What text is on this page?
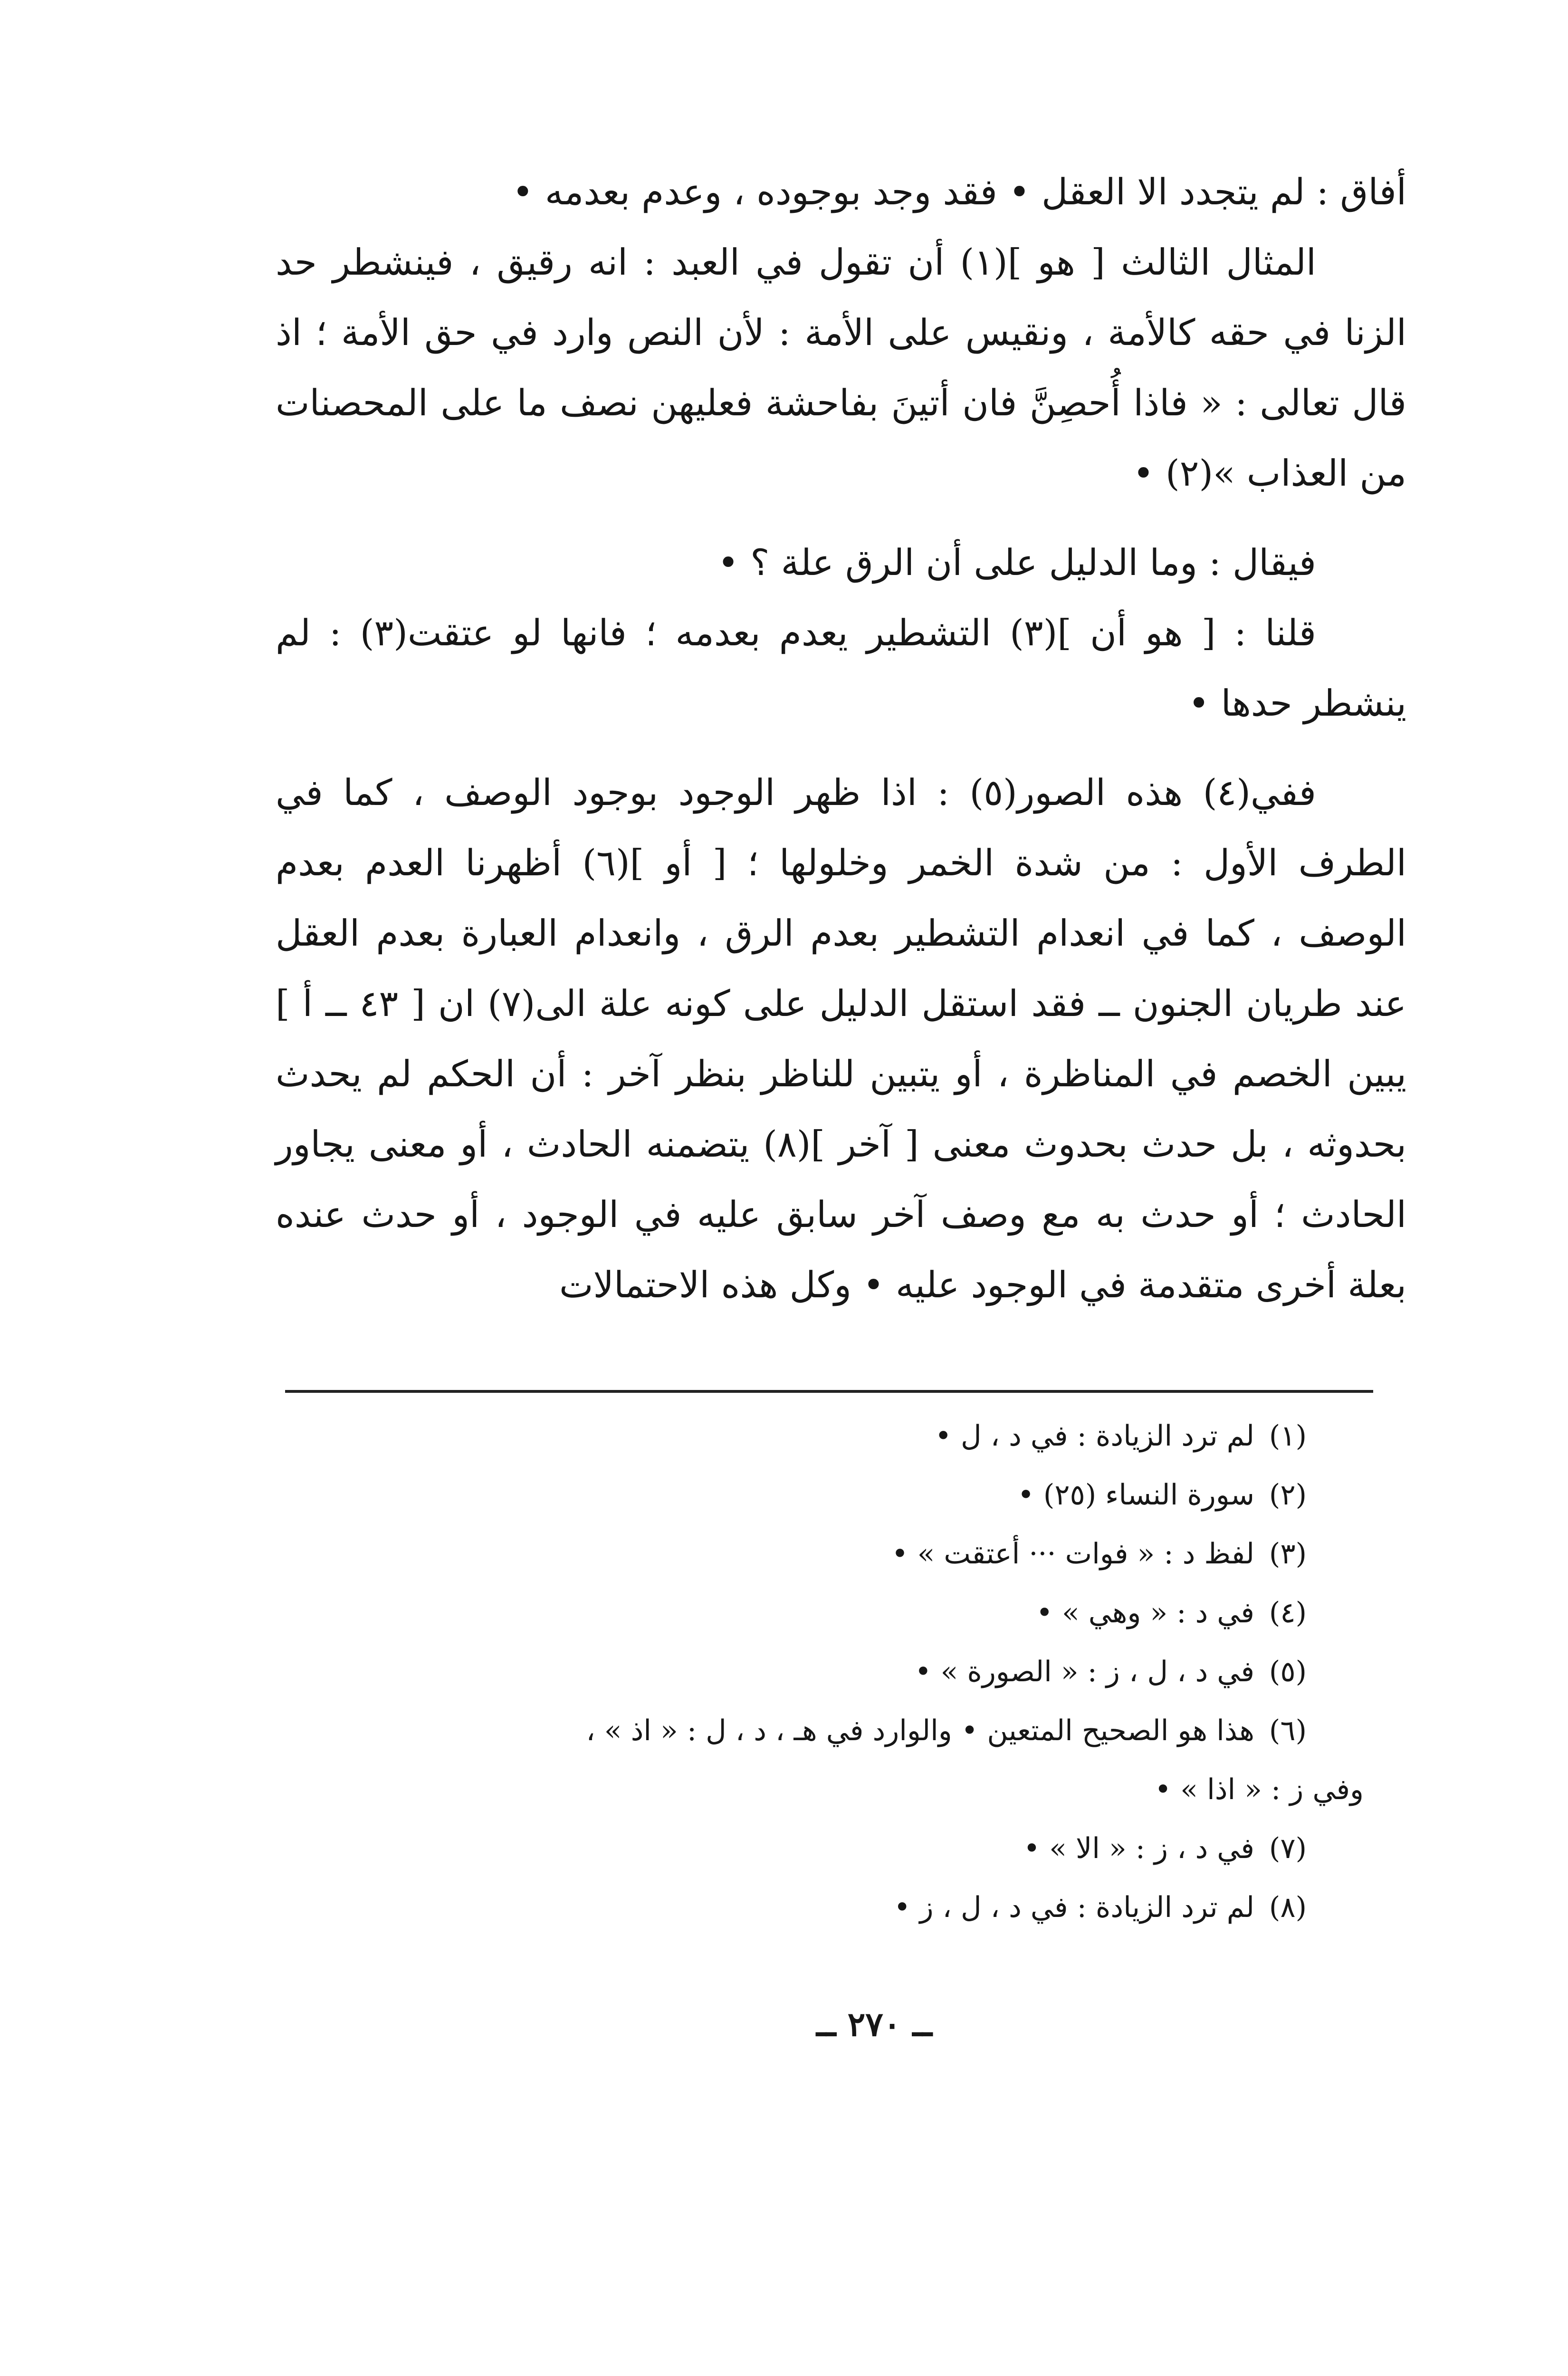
أفاق : لم يتجدد الا العقل • فقد وجد بوجوده ، وعدم بعدمه •

المثال الثالث [ هو ](١) أن تقول في العبد : انه رقيق ، فينشطر حد الزنا في حقه كالأمة ، ونقيس على الأمة : لأن النص وارد في حق الأمة ؛ اذ قال تعالى : « فاذا أُحصِنَّ فان أتينَ بفاحشة فعليهن نصف ما على المحصنات من العذاب »(٢) •

فيقال : وما الدليل على أن الرق علة ؟ •

قلنا : [ هو أن ](٣) التشطير يعدم بعدمه ؛ فانها لو عتقت(٣) : لم ينشطر حدها •

ففي(٤) هذه الصور(٥) : اذا ظهر الوجود بوجود الوصف ، كما في الطرف الأول : من شدة الخمر وخلولها ؛ [ أو ](٦) أظهرنا العدم بعدم الوصف ، كما في انعدام التشطير بعدم الرق ، وانعدام العبارة بعدم العقل عند طريان الجنون ــ فقد استقل الدليل على كونه علة الى(٧) ان [ ٤٣ ــ أ ] يبين الخصم في المناظرة ، أو يتبين للناظر بنظر آخر : أن الحكم لم يحدث بحدوثه ، بل حدث بحدوث معنى [ آخر ](٨) يتضمنه الحادث ، أو معنى يجاور الحادث ؛ أو حدث به مع وصف آخر سابق عليه في الوجود ، أو حدث عنده بعلة أخرى متقدمة في الوجود عليه • وكل هذه الاحتمالات

(١)لم ترد الزيادة : في د ، ل •

(٢)سورة النساء (٢٥) •

(٣)لفظ د : « فوات ··· أعتقت » •

(٤)في د : « وهي » •

(٥)في د ، ل ، ز : « الصورة » •

(٦)هذا هو الصحيح المتعين • والوارد في هـ ، د ، ل : « اذ » ،

وفي ز : « اذا » •

(٧)في د ، ز : « الا » •

(٨)لم ترد الزيادة : في د ، ل ، ز •

ــ ٢٧٠ ــ
